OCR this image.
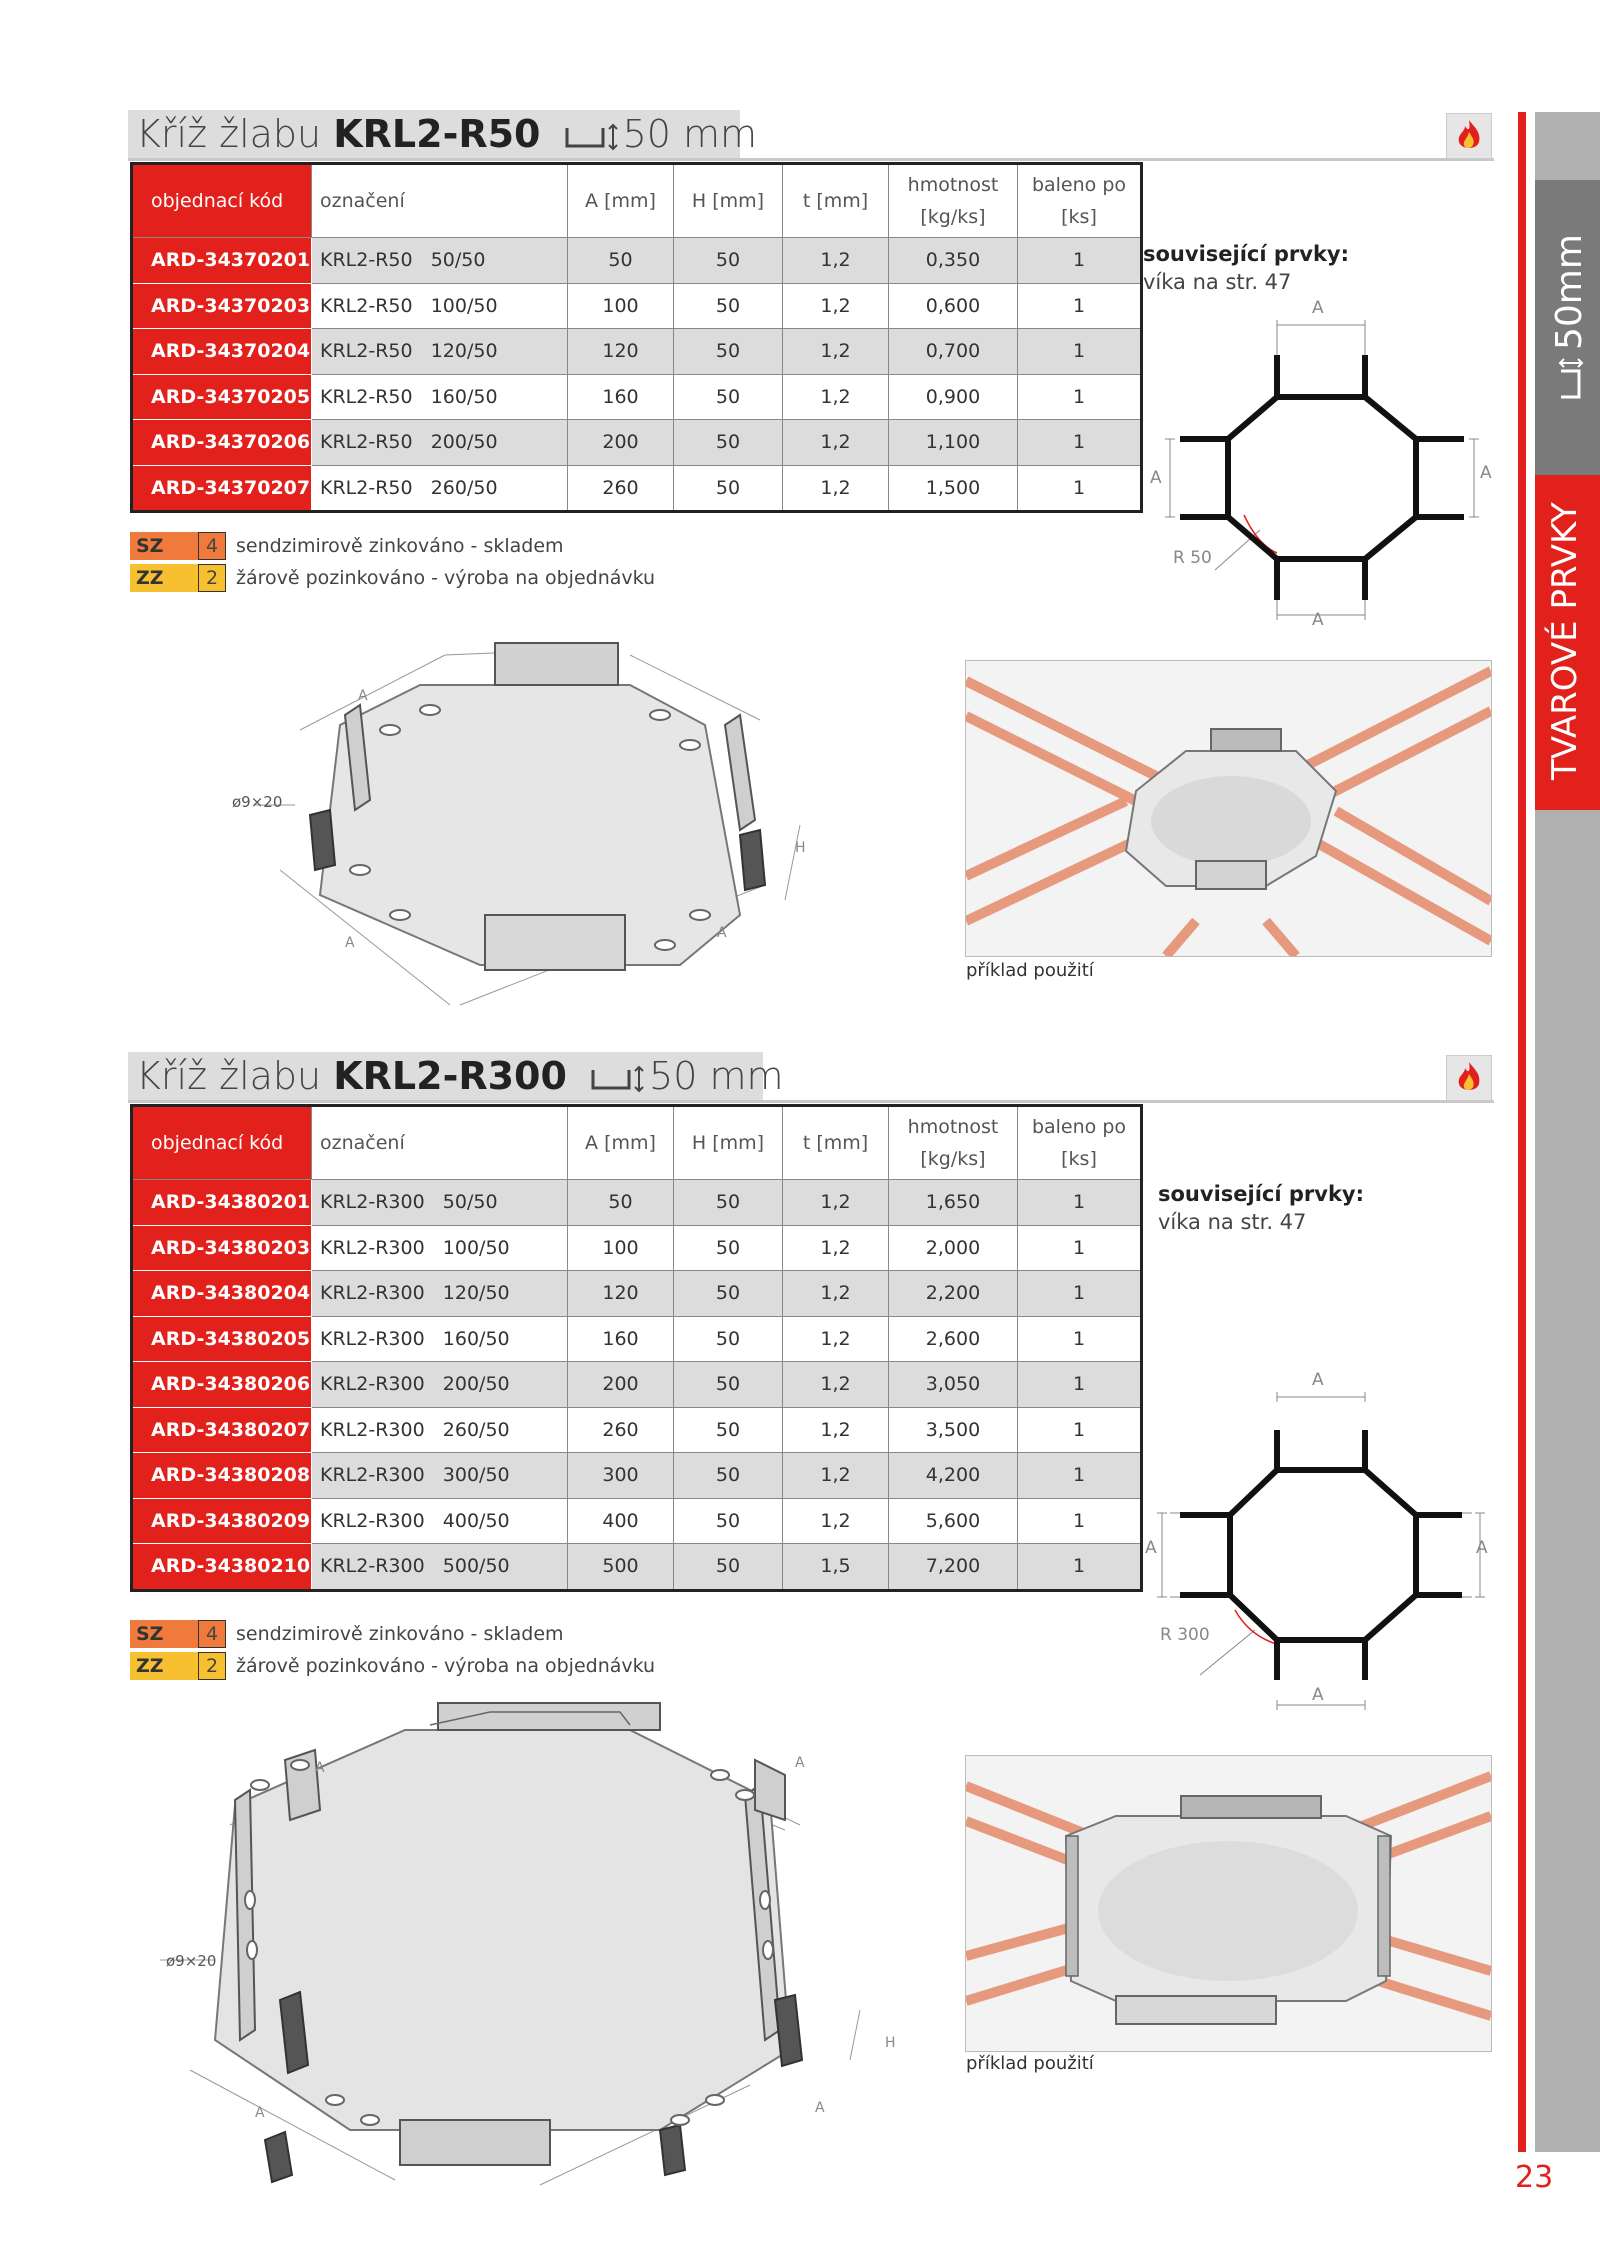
50mm
TVAROVÉ PRVKY
23
Kříž žlabu KRL2-R50 50 mm
objednací kód	označení	A [mm]	H [mm]	t [mm]	hmotnost
[kg/ks]	baleno po
[ks]
ARD-34370201	KRL2-R50   50/50	50	50	1,2	0,350	1
ARD-34370203	KRL2-R50   100/50	100	50	1,2	0,600	1
ARD-34370204	KRL2-R50   120/50	120	50	1,2	0,700	1
ARD-34370205	KRL2-R50   160/50	160	50	1,2	0,900	1
ARD-34370206	KRL2-R50   200/50	200	50	1,2	1,100	1
ARD-34370207	KRL2-R50   260/50	260	50	1,2	1,500	1
SZ	4 sendzimirově zinkováno - skladem
ZZ	2 žárově pozinkováno - výroba na objednávku
související prvky:
víka na str. 47
A
A
A	A
R 50
ø9×20
A
A
A
H
příklad použití
Kříž žlabu KRL2-R300 50 mm
objednací kód	označení	A [mm]	H [mm]	t [mm]	hmotnost
[kg/ks]	baleno po
[ks]
ARD-34380201	KRL2-R300   50/50	50	50	1,2	1,650	1
ARD-34380203	KRL2-R300   100/50	100	50	1,2	2,000	1
ARD-34380204	KRL2-R300   120/50	120	50	1,2	2,200	1
ARD-34380205	KRL2-R300   160/50	160	50	1,2	2,600	1
ARD-34380206	KRL2-R300   200/50	200	50	1,2	3,050	1
ARD-34380207	KRL2-R300   260/50	260	50	1,2	3,500	1
ARD-34380208	KRL2-R300   300/50	300	50	1,2	4,200	1
ARD-34380209	KRL2-R300   400/50	400	50	1,2	5,600	1
ARD-34380210	KRL2-R300   500/50	500	50	1,5	7,200	1
SZ	4 sendzimirově zinkováno - skladem
ZZ	2 žárově pozinkováno - výroba na objednávku
související prvky:
víka na str. 47
A
A
A	A
R 300
ø9×20
A	A
A	A
H
příklad použití
